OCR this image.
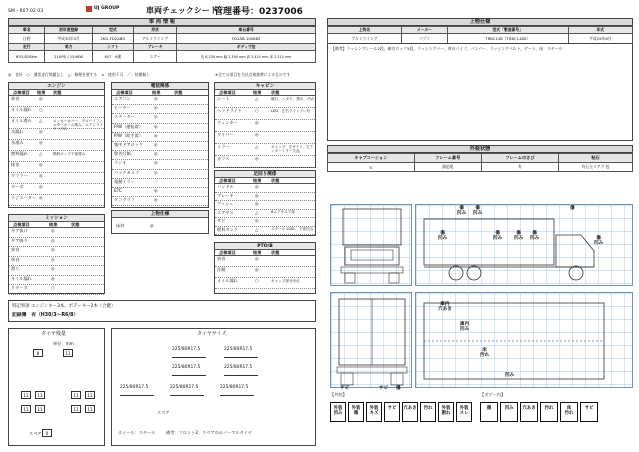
SM・R07.02.03
UJ GROUP	車両チェックシート
管理番号：0237006
車 両 情 報
車名	初年度登録	型式	形状	車台番号
日野	平成30年3月	2KG-FD2ABG	アルミウイング	FD2AB-100683
走行	馬力	シフト	ブレーキ	ボディ寸法
653,826km	210PS / 154KW	M/T　6速	エアー	長 6,230 mm 幅 2,390 mm 高 2,410 mm 床 2,310 mm
◎：良好　○：通常走行問題なし　△：修理を要する　×：使用不可　／：装備無し	※全ての項目を当社点検基準によるものです
エンジン
点検項目 結果 状態
異音	◎
オイル漏れ ○
オイル滲み △	ロッカーカバー、プロパイフィルターホース滲み、エアドライヤー汚れ
水漏れ	◎
水滲み	◎
燃料漏れ	△	燃料ポンプ下部滲み
排気	◎
マフラー	◎
ターボ	◎
ラジエーター ◎
ミッション
点検項目	結果	状態
ギア抜け	◎
ギア鳴り	◎
異音	◎
異音	◎
滑り	◎
オイル漏れ	◎
リターダ	○
電装関係
点検項目	結果	状態
エアコン	◎
ヒーター	◎
スターター	◎
P/W（運転席）	◎
P/W（助手席）	◎
集中ドアロック	◎
警告灯類	◎
ラジオ	◎
バックカメラ	◎
電動ミラー	／
ETC	◎
タコグラフ	◎
上物仕様
床材	◎
キャビン
点検項目	結果 状態
シート	△	破れ、ヘタり、擦れ、汚れ
ヘッドライト	○	LED、左右ライトブレ有
ウィンカー	◎
ワイパー	◎
ミラー	△	キャップ、左サイド、左アンダーミラー欠品
ガラス	◎
足回り関係
点検項目	結果 状態
ハンドル	◎
ブレーキ	◎
ブッシュ	◎
エアサス	△	Rエアサス下部
サビ	◎
燃料タンク	△	スチール 200L、下部凹み
PTO/B
点検項目	結果 状態
異音	◎
作動	◎
オイル漏れ	○	ギャップ部分汚れ
特記事項 エンジンキー3本、ボデーキー2本（合鍵）
記録簿　有（H30/3〜R6/8）
タイヤ残量
単位：mm
8	11
11	11	11	11
11	11	11	11
スペア 0
タイヤサイズ
225/80R17.5	225/80R17.5
225/80R17.5	225/80R17.5
225/80R17.5	225/80R17.5	225/80R17.5
スペア
ホイール：スチール	備考：フロント2、スペアのみノーマルタイヤ
上物仕様
上物名	メーカー	型式「製造番号」	年式
アルミウイング	パブコ	TRBC148（TRBC148S）	平成29年8月
【備考】ラッシングレール2段、庫内ロック5段、ラッシングバー、荷台パイプ、バンパー、ラッシングベルト、ゲート、床：スチール
外装状態
キャブコーション	フレーム番号	フレームのさび	粘石
S	錆追尾	有	有石左リアブ 包
傷
凹み
傷
凹み
傷
傷
凹み
傷
凹み
傷
凹み
傷
凹み	傷
凹み
庫内
穴あき
庫内
凹み
床
汚れ
サビ	サビ 傷
凹み
【外装】	【ボデー内】
外装
凹み
外装
傷
外装
キズ
サビ	穴あき	汚れ	外装
割れ
外装
スレ
傷	凹み	穴あき	汚れ	床
汚れ
サビ
